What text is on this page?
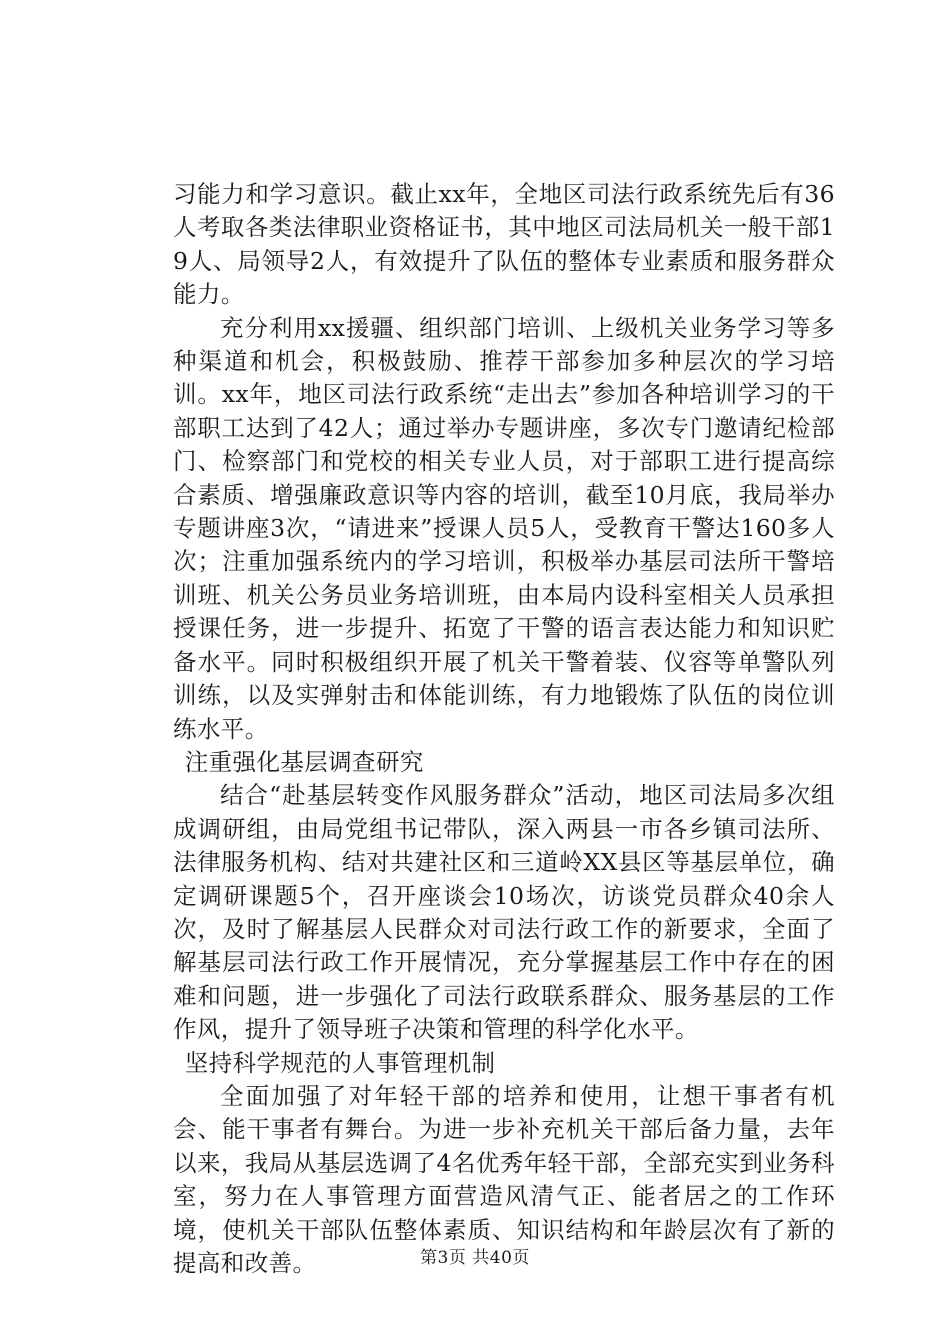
习能力和学习意识。截止xx年，全地区司法行政系统先后有36人考取各类法律职业资格证书，其中地区司法局机关一般干部19人、局领导2人，有效提升了队伍的整体专业素质和服务群众能力。

充分利用xx援疆、组织部门培训、上级机关业务学习等多种渠道和机会，积极鼓励、推荐干部参加多种层次的学习培训。xx年，地区司法行政系统“走出去”参加各种培训学习的干部职工达到了42人；通过举办专题讲座，多次专门邀请纪检部门、检察部门和党校的相关专业人员，对于部职工进行提高综合素质、增强廉政意识等内容的培训，截至10月底，我局举办专题讲座3次，“请进来”授课人员5人，受教育干警达160多人次；注重加强系统内的学习培训，积极举办基层司法所干警培训班、机关公务员业务培训班，由本局内设科室相关人员承担授课任务，进一步提升、拓宽了干警的语言表达能力和知识贮备水平。同时积极组织开展了机关干警着装、仪容等单警队列训练，以及实弹射击和体能训练，有力地锻炼了队伍的岗位训练水平。

注重强化基层调查研究

结合“赴基层转变作风服务群众”活动，地区司法局多次组成调研组，由局党组书记带队，深入两县一市各乡镇司法所、法律服务机构、结对共建社区和三道岭XX县区等基层单位，确定调研课题5个，召开座谈会10场次，访谈党员群众40余人次，及时了解基层人民群众对司法行政工作的新要求，全面了解基层司法行政工作开展情况，充分掌握基层工作中存在的困难和问题，进一步强化了司法行政联系群众、服务基层的工作作风，提升了领导班子决策和管理的科学化水平。

坚持科学规范的人事管理机制

全面加强了对年轻干部的培养和使用，让想干事者有机会、能干事者有舞台。为进一步补充机关干部后备力量，去年以来，我局从基层选调了4名优秀年轻干部，全部充实到业务科室，努力在人事管理方面营造风清气正、能者居之的工作环境，使机关干部队伍整体素质、知识结构和年龄层次有了新的提高和改善。	第3页 共40页
